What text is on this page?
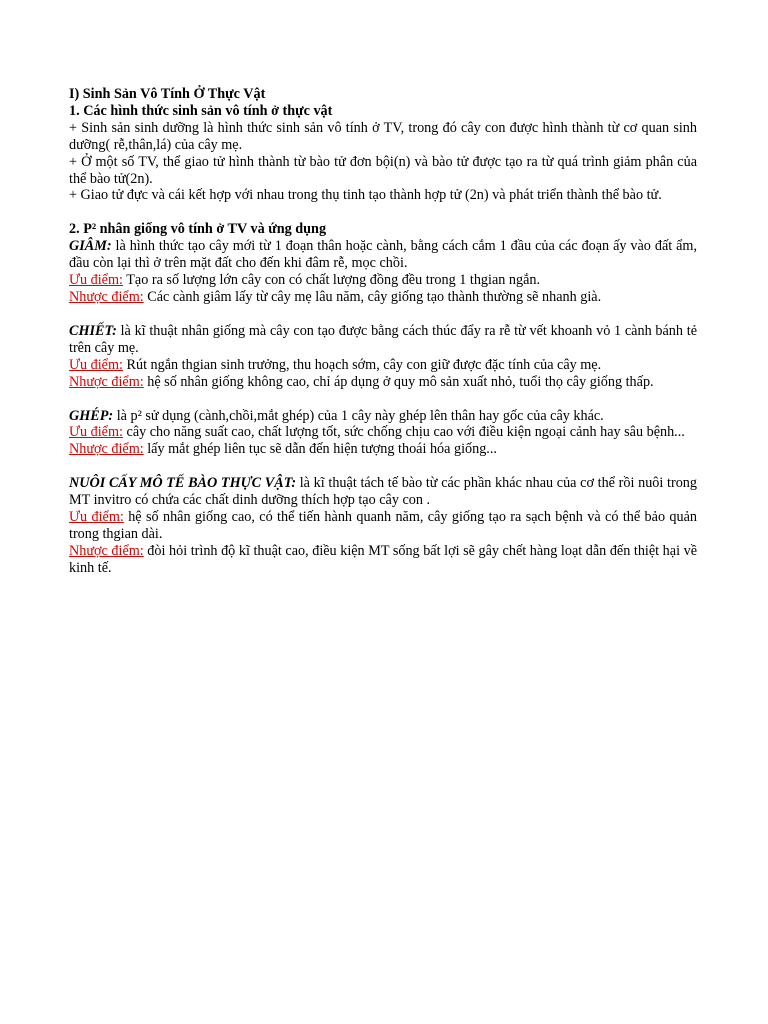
I) Sinh Sản Vô Tính Ở Thực Vật

1. Các hình thức sinh sản vô tính ở thực vật

+ Sinh sản sinh dưỡng là hình thức sinh sản vô tính ở TV, trong đó cây con được hình thành từ cơ quan sinh dưỡng( rễ,thân,lá) của cây mẹ.

+ Ở một số TV, thể giao tử hình thành từ bào tử đơn bội(n) và bào tử được tạo ra từ quá trình giảm phân của thể bào tử(2n).

+ Giao tử đực và cái kết hợp với nhau trong thụ tinh tạo thành hợp tử (2n) và phát triển thành thể bào tử.

2. P² nhân giống vô tính ở TV và ứng dụng

GIÂM: là hình thức tạo cây mới từ 1 đoạn thân hoặc cành, bằng cách cắm 1 đầu của các đoạn ấy vào đất ẩm, đầu còn lại thì ở trên mặt đất cho đến khi đâm rễ, mọc chồi.

Ưu điểm: Tạo ra số lượng lớn cây con có chất lượng đồng đều trong 1 thgian ngắn.

Nhược điểm: Các cành giâm lấy từ cây mẹ lâu năm, cây giống tạo thành thường sẽ nhanh già.

CHIẾT: là kĩ thuật nhân giống mà cây con tạo được bằng cách thúc đẩy ra rễ từ vết khoanh vỏ 1 cành bánh tẻ trên cây mẹ.

Ưu điểm: Rút ngắn thgian sinh trưởng, thu hoạch sớm, cây con giữ được đặc tính của cây mẹ.

Nhược điểm: hệ số nhân giống không cao, chỉ áp dụng ở quy mô sản xuất nhỏ, tuổi thọ cây giống thấp.

GHÉP: là p² sử dụng (cành,chồi,mắt ghép) của 1 cây này ghép lên thân hay gốc của cây khác.

Ưu điểm: cây cho năng suất cao, chất lượng tốt, sức chống chịu cao với điều kiện ngoại cảnh hay sâu bệnh...

Nhược điểm: lấy mắt ghép liên tục sẽ dẫn đến hiện tượng thoái hóa giống...

NUÔI CẤY MÔ TẾ BÀO THỰC VẬT: là kĩ thuật tách tế bào từ các phần khác nhau của cơ thể rồi nuôi trong MT invitro có chứa các chất dinh dưỡng thích hợp tạo cây con .

Ưu điểm: hệ số nhân giống cao, có thể tiến hành quanh năm, cây giống tạo ra sạch bệnh và có thể bảo quản trong thgian dài.

Nhược điểm: đòi hỏi trình độ kĩ thuật cao, điều kiện MT sống bất lợi sẽ gây chết hàng loạt dẫn đến thiệt hại về kinh tế.
